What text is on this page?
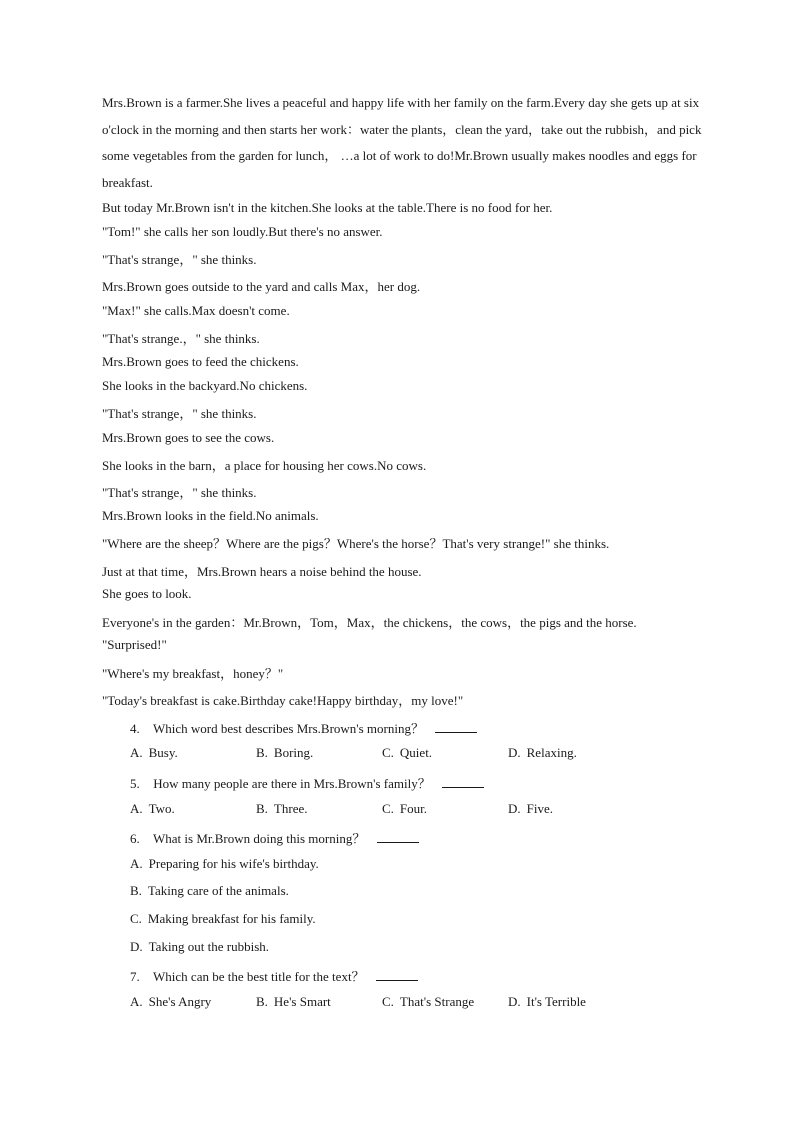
Mrs.Brown is a farmer.She lives a peaceful and happy life with her family on the farm.Every day she gets up at six o'clock in the morning and then starts her work：water the plants，clean the yard，take out the rubbish，and pick some vegetables from the garden for lunch， …a lot of work to do!Mr.Brown usually makes noodles and eggs for breakfast.
But today Mr.Brown isn't in the kitchen.She looks at the table.There is no food for her.
"Tom!" she calls her son loudly.But there's no answer.
"That's strange，" she thinks.
Mrs.Brown goes outside to the yard and calls Max，her dog.
"Max!" she calls.Max doesn't come.
"That's strange.，" she thinks.
Mrs.Brown goes to feed the chickens.
She looks in the backyard.No chickens.
"That's strange，" she thinks.
Mrs.Brown goes to see the cows.
She looks in the barn，a place for housing her cows.No cows.
"That's strange，" she thinks.
Mrs.Brown looks in the field.No animals.
"Where are the sheep？Where are the pigs？Where's the horse？That's very strange!" she thinks.
Just at that time，Mrs.Brown hears a noise behind the house.
She goes to look.
Everyone's in the garden：Mr.Brown，Tom，Max，the chickens，the cows，the pigs and the horse.
"Surprised!"
"Where's my breakfast，honey？"
"Today's breakfast is cake.Birthday cake!Happy birthday，my love!"
4. Which word best describes Mrs.Brown's morning？
A. Busy.	B. Boring.	C. Quiet.	D. Relaxing.
5. How many people are there in Mrs.Brown's family？
A. Two.	B. Three.	C. Four.	D. Five.
6. What is Mr.Brown doing this morning？
A. Preparing for his wife's birthday.
B. Taking care of the animals.
C. Making breakfast for his family.
D. Taking out the rubbish.
7. Which can be the best title for the text？
A. She's Angry	B. He's Smart	C. That's Strange	D. It's Terrible
